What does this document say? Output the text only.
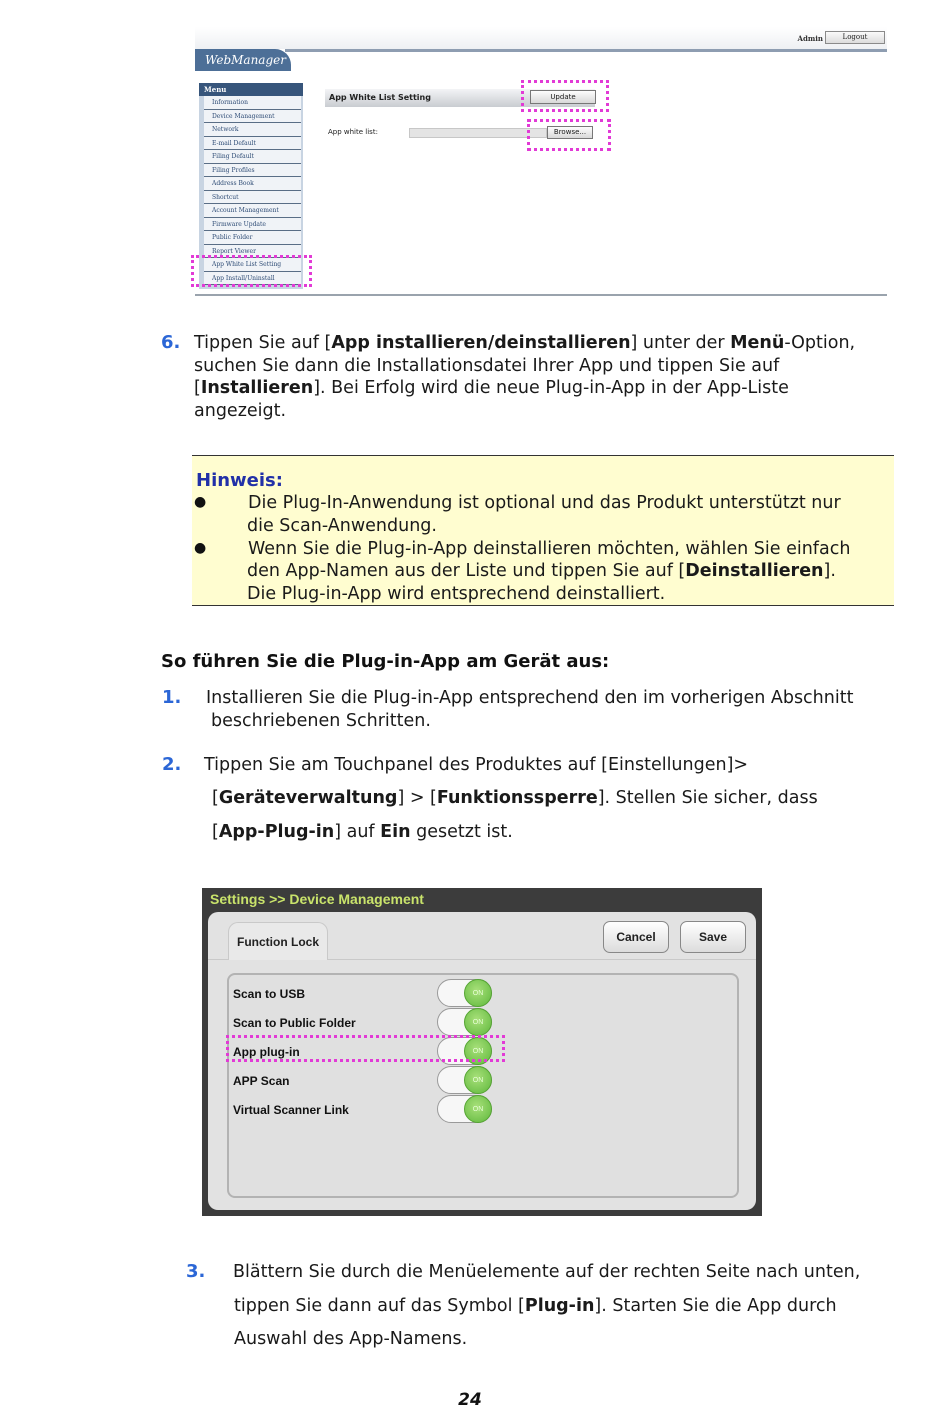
Admin	Logout
WebManager
Menu
Information
Device Management
Network
E-mail Default
Filing Default
Filing Profiles
Address Book
Shortcut
Account Management
Firmware Update
Public Folder
Report Viewer
App White List Setting
App Install/Uninstall
App White List Setting	Update
App white list:	Browse...
6. Tippen Sie auf [App installieren/deinstallieren] unter der Menü-Option,
suchen Sie dann die Installationsdatei Ihrer App und tippen Sie auf
[Installieren]. Bei Erfolg wird die neue Plug-in-App in der App-Liste
angezeigt.
Hinweis:
● Die Plug-In-Anwendung ist optional und das Produkt unterstützt nur
die Scan-Anwendung.
● Wenn Sie die Plug-in-App deinstallieren möchten, wählen Sie einfach
den App-Namen aus der Liste und tippen Sie auf [Deinstallieren].
Die Plug-in-App wird entsprechend deinstalliert.
So führen Sie die Plug-in-App am Gerät aus:
1. Installieren Sie die Plug-in-App entsprechend den im vorherigen Abschnitt
beschriebenen Schritten.
2. Tippen Sie am Touchpanel des Produktes auf [Einstellungen]>
[Geräteverwaltung] > [Funktionssperre]. Stellen Sie sicher, dass
[App-Plug-in] auf Ein gesetzt ist.
Settings >> Device Management
Function Lock	Cancel	Save
Scan to USB	ON
Scan to Public Folder	ON
App plug-in	ON
APP Scan	ON
Virtual Scanner Link	ON
3. Blättern Sie durch die Menüelemente auf der rechten Seite nach unten,
tippen Sie dann auf das Symbol [Plug-in]. Starten Sie die App durch
Auswahl des App-Namens.
24
